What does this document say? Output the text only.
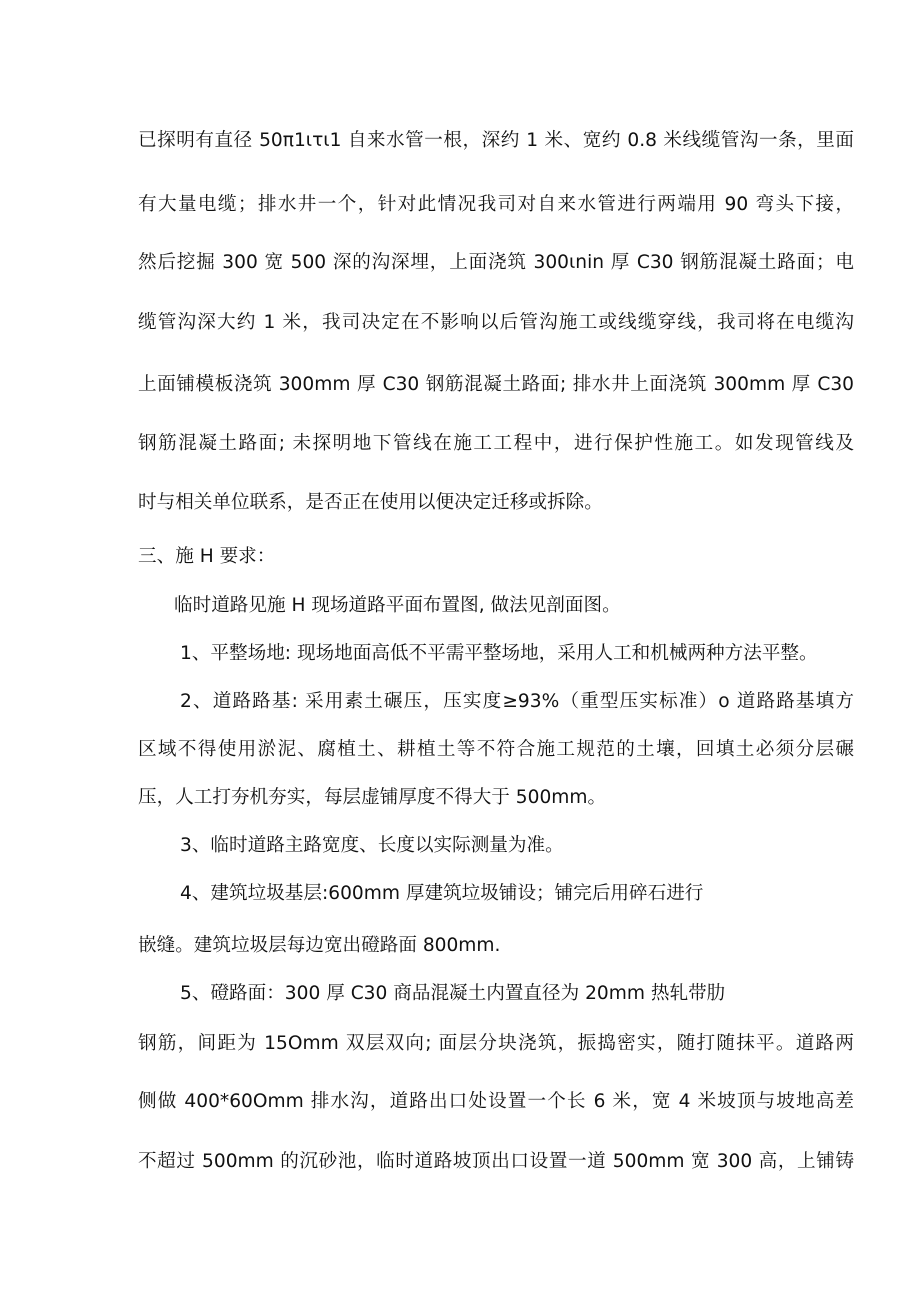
已探明有直径 50π1ιτι1 自来水管一根，深约 1 米、宽约 0.8 米线缆管沟一条，里面
有大量电缆；排水井一个，针对此情况我司对自来水管进行两端用 90 弯头下接，
然后挖掘 300 宽 500 深的沟深埋，上面浇筑 300ιnin 厚 C30 钢筋混凝土路面；电
缆管沟深大约 1 米，我司决定在不影响以后管沟施工或线缆穿线，我司将在电缆沟
上面铺模板浇筑 300mm 厚 C30 钢筋混凝土路面; 排水井上面浇筑 300mm 厚 C30
钢筋混凝土路面; 未探明地下管线在施工工程中，进行保护性施工。如发现管线及
时与相关单位联系，是否正在使用以便决定迁移或拆除。
三、施 H 要求：
临时道路见施 H 现场道路平面布置图, 做法见剖面图。
1、平整场地: 现场地面高低不平需平整场地，采用人工和机械两种方法平整。
2、道路路基: 采用素土碾压，压实度≥93%（重型压实标准）o 道路路基填方
区域不得使用淤泥、腐植土、耕植土等不符合施工规范的土壤，回填土必须分层碾
压，人工打夯机夯实，每层虚铺厚度不得大于 500mm。
3、临时道路主路宽度、长度以实际测量为准。
4、建筑垃圾基层:600mm 厚建筑垃圾铺设；铺完后用碎石进行
嵌缝。建筑垃圾层每边宽出磴路面 800mm.
5、磴路面：300 厚 C30 商品混凝土内置直径为 20mm 热轧带肋
钢筋，间距为 15Omm 双层双向; 面层分块浇筑，振捣密实，随打随抹平。道路两
侧做 400*60Omm 排水沟，道路出口处设置一个长 6 米，宽 4 米坡顶与坡地高差
不超过 500mm 的沉砂池，临时道路坡顶出口设置一道 500mm 宽 300 高，上铺铸
